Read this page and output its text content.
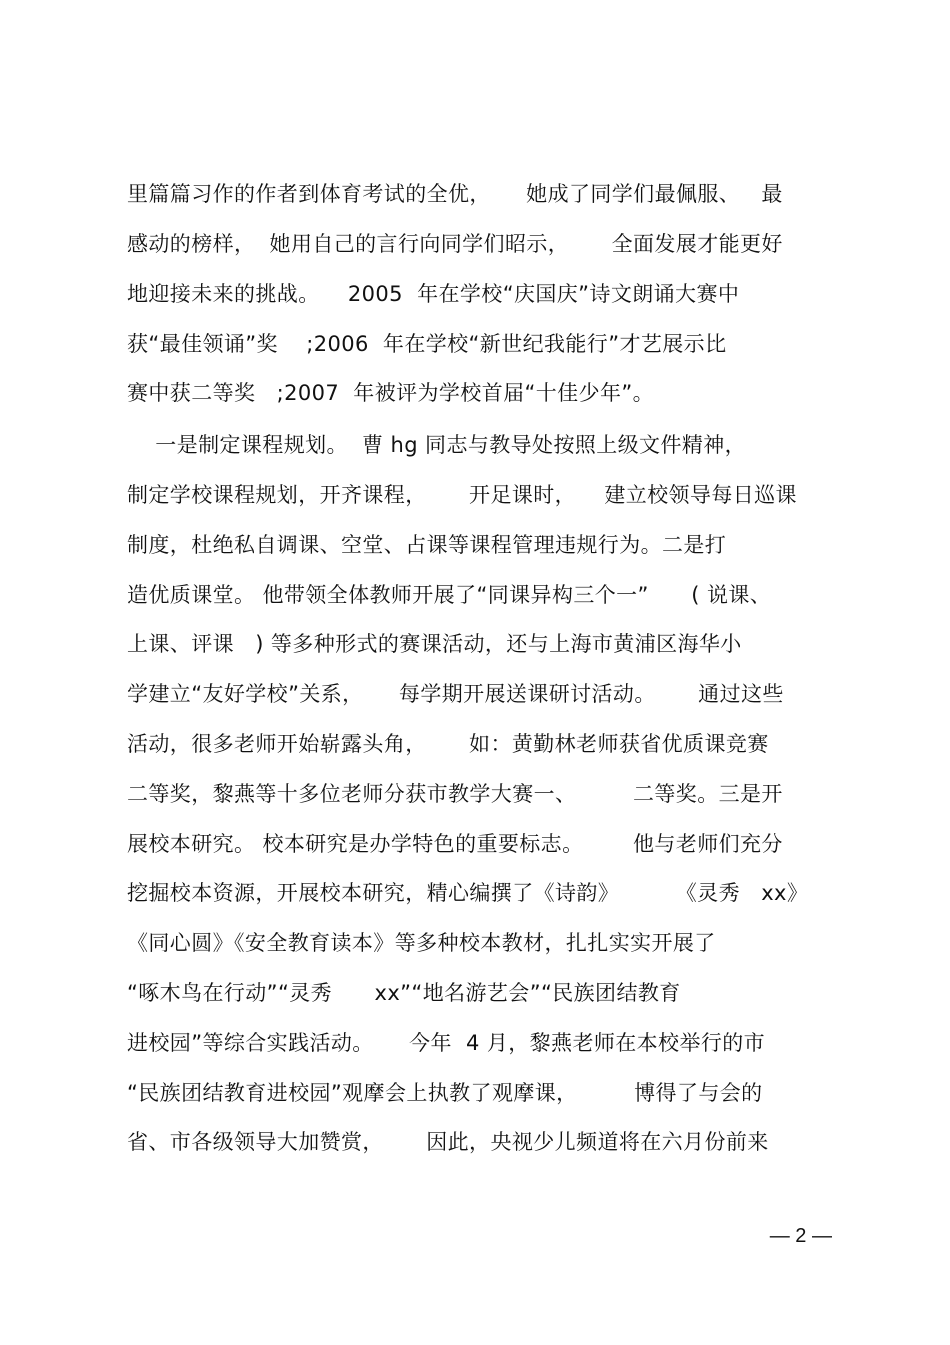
里篇篇习作的作者到体育考试的全优，     她成了同学们最佩服、   最
感动的榜样，  她用自己的言行向同学们昭示，      全面发展才能更好
地迎接未来的挑战。    2005  年在学校“庆国庆”诗文朗诵大赛中
获“最佳领诵”奖    ;2006  年在学校“新世纪我能行”才艺展示比
赛中获二等奖   ;2007  年被评为学校首届“十佳少年”。
一是制定课程规划。  曹 hg 同志与教导处按照上级文件精神，
制定学校课程规划，开齐课程，      开足课时，    建立校领导每日巡课
制度，杜绝私自调课、空堂、占课等课程管理违规行为。二是打
造优质课堂。 他带领全体教师开展了“同课异构三个一”      ( 说课、
上课、评课   ) 等多种形式的赛课活动，还与上海市黄浦区海华小
学建立“友好学校”关系，     每学期开展送课研讨活动。      通过这些
活动，很多老师开始崭露头角，      如：黄勤林老师获省优质课竞赛
二等奖，黎燕等十多位老师分获市教学大赛一、        二等奖。三是开
展校本研究。 校本研究是办学特色的重要标志。       他与老师们充分
挖掘校本资源，开展校本研究，精心编撰了《诗韵》        《灵秀   xx》
《同心圆》《安全教育读本》等多种校本教材，扎扎实实开展了
“啄木鸟在行动”“灵秀      xx”“地名游艺会”“民族团结教育
进校园”等综合实践活动。     今年  4 月，黎燕老师在本校举行的市
“民族团结教育进校园”观摩会上执教了观摩课，        博得了与会的
省、市各级领导大加赞赏，      因此，央视少儿频道将在六月份前来
— 2 —
